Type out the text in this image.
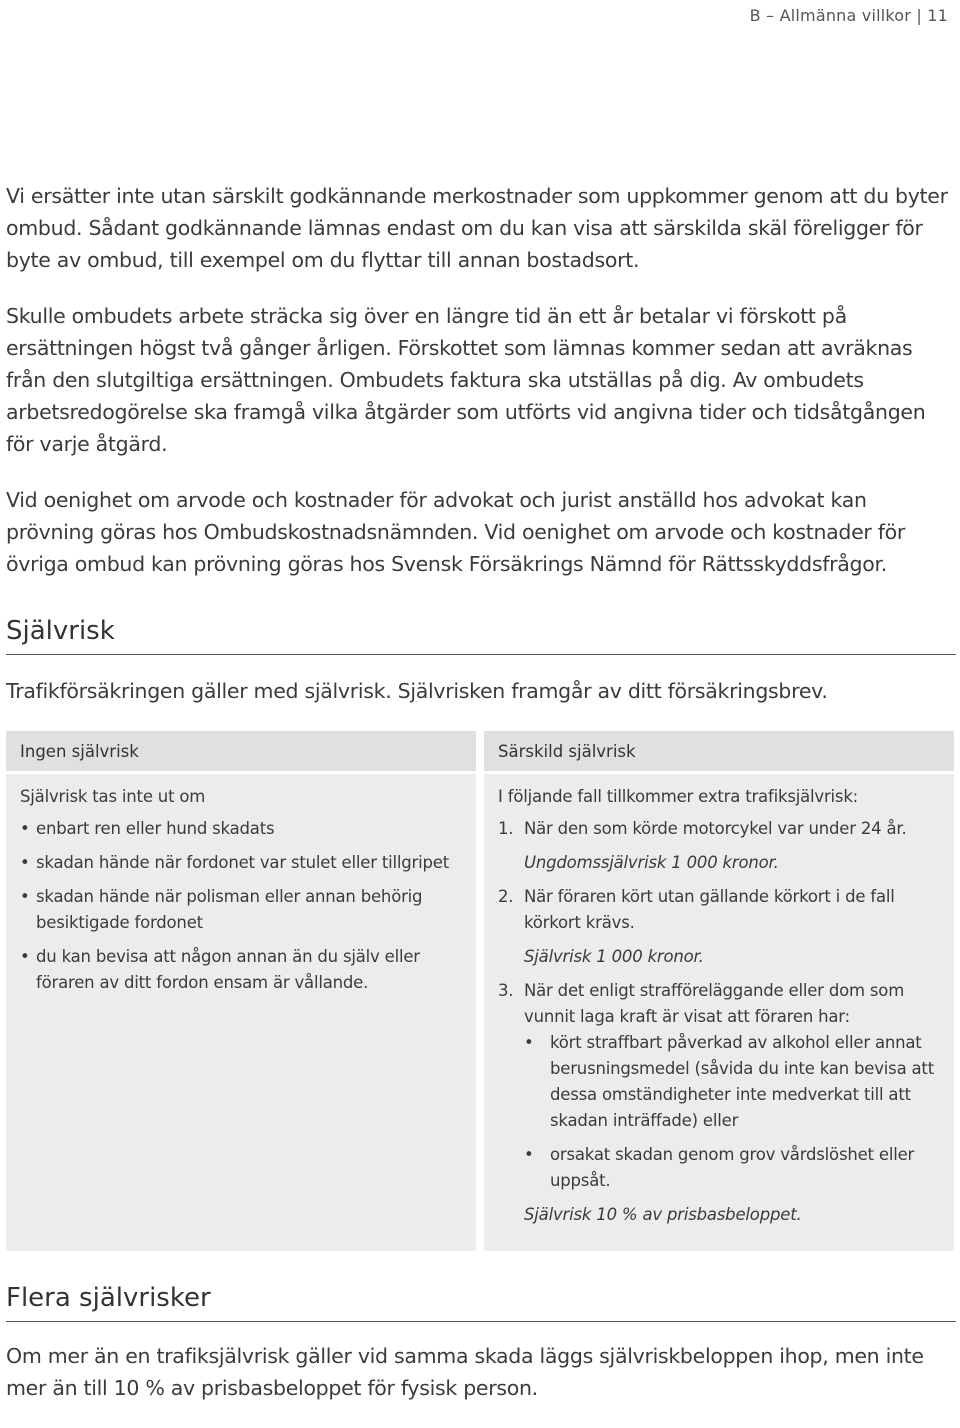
B – Allmänna villkor | 11

Vi ersätter inte utan särskilt godkännande merkostnader som uppkommer genom att du byter ombud. Sådant godkännande lämnas endast om du kan visa att särskilda skäl föreligger för byte av ombud, till exempel om du flyttar till annan bostadsort.

Skulle ombudets arbete sträcka sig över en längre tid än ett år betalar vi förskott på ersättningen högst två gånger årligen. Förskottet som lämnas kommer sedan att avräknas från den slutgiltiga ersättningen. Ombudets faktura ska utställas på dig. Av ombudets arbetsredogörelse ska framgå vilka åtgärder som utförts vid angivna tider och tidsåtgången för varje åtgärd.

Vid oenighet om arvode och kostnader för advokat och jurist anställd hos advokat kan prövning göras hos Ombudskostnadsnämnden. Vid oenighet om arvode och kostnader för övriga ombud kan prövning göras hos Svensk Försäkrings Nämnd för Rättsskyddsfrågor.

Självrisk

Trafikförsäkringen gäller med självrisk. Självrisken framgår av ditt försäkringsbrev.

Ingen självrisk

Självrisk tas inte ut om

• enbart ren eller hund skadats
• skadan hände när fordonet var stulet eller tillgripet
• skadan hände när polisman eller annan behörig besiktigade fordonet
• du kan bevisa att någon annan än du själv eller föraren av ditt fordon ensam är vållande.
Särskild självrisk

I följande fall tillkommer extra trafiksjälvrisk:

1. När den som körde motorcykel var under 24 år.
Ungdomssjälvrisk 1 000 kronor.
2. När föraren kört utan gällande körkort i de fall körkort krävs.
Självrisk 1 000 kronor.
3. När det enligt strafföreläggande eller dom som vunnit laga kraft är visat att föraren har:
• kört straffbart påverkad av alkohol eller annat berusningsmedel (såvida du inte kan bevisa att dessa omständigheter inte medverkat till att skadan inträffade) eller
• orsakat skadan genom grov vårdslöshet eller uppsåt.
Självrisk 10 % av prisbasbeloppet.
Flera självrisker

Om mer än en trafiksjälvrisk gäller vid samma skada läggs självriskbeloppen ihop, men inte mer än till 10 % av prisbasbeloppet för fysisk person.
